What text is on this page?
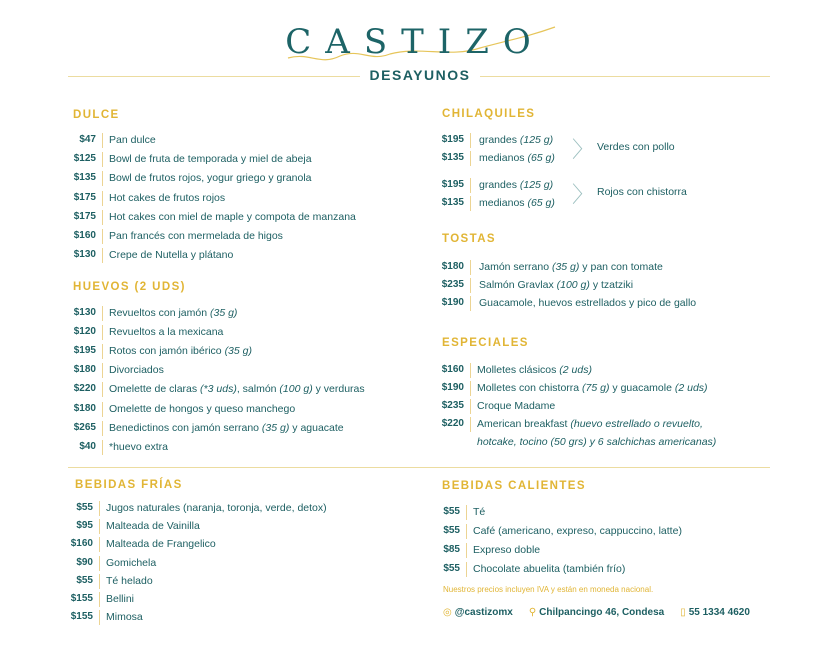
CASTIZO
DESAYUNOS
DULCE
$47 Pan dulce
$125 Bowl de fruta de temporada y miel de abeja
$135 Bowl de frutos rojos, yogur griego y granola
$175 Hot cakes de frutos rojos
$175 Hot cakes con miel de maple y compota de manzana
$160 Pan francés con mermelada de higos
$130 Crepe de Nutella y plátano
HUEVOS (2 UDS)
$130 Revueltos con jamón (35 g)
$120 Revueltos a la mexicana
$195 Rotos con jamón ibérico (35 g)
$180 Divorciados
$220 Omelette de claras (*3 uds), salmón (100 g) y verduras
$180 Omelette de hongos y queso manchego
$265 Benedictinos con jamón serrano (35 g) y aguacate
$40 *huevo extra
BEBIDAS FRÍAS
$55 Jugos naturales (naranja, toronja, verde, detox)
$95 Malteada de Vainilla
$160 Malteada de Frangelico
$90 Gomichela
$55 Té helado
$155 Bellini
$155 Mimosa
TOSTAS
$180 Jamón serrano (35 g) y pan con tomate
$235 Salmón Gravlax (100 g) y tzatziki
$190 Guacamole, huevos estrellados y pico de gallo
ESPECIALES
$160 Molletes clásicos (2 uds)
$190 Molletes con chistorra (75 g) y guacamole (2 uds)
$235 Croque Madame
$220 American breakfast (huevo estrellado o revuelto,
hotcake, tocino (50 grs) y 6 salchichas americanas)
BEBIDAS CALIENTES
$55 Té
$55 Café (americano, expreso, cappuccino, latte)
$85 Expreso doble
$55 Chocolate abuelita (también frío)
CHILAQUILES
$195 grandes (125 g)
$135 medianos (65 g) 〉 Verdes con pollo
$195 grandes (125 g)
$135 medianos (65 g) 〉 Rojos con chistorra
Nuestros precios incluyen IVA y están en moneda nacional.
◎ @castizomx ⚲ Chilpancingo 46, Condesa ▯ 55 1334 4620
